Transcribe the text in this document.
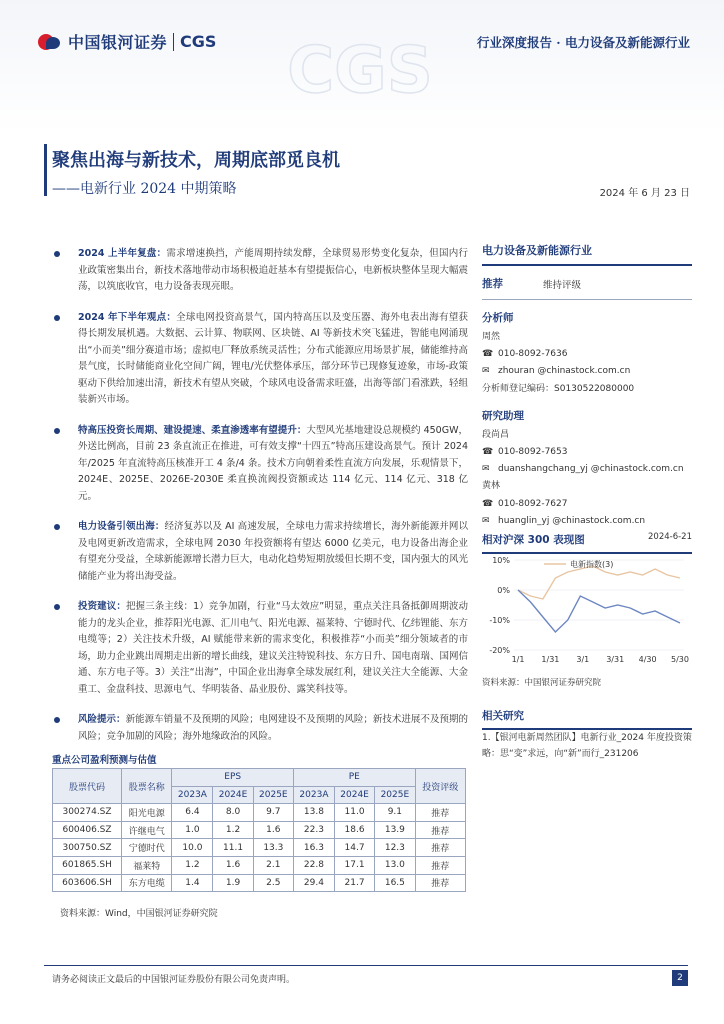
CGS
中国银河证券 CGS	行业深度报告 · 电力设备及新能源行业
聚焦出海与新技术，周期底部觅良机
——电新行业 2024 中期策略	2024 年 6 月 23 日
2024 上半年复盘：需求增速换挡，产能周期持续发酵，全球贸易形势变化复杂，但国内行业政策密集出台，新技术落地带动市场积极追赶基本有望提振信心，电新板块整体呈现大幅震荡，以筑底收官，电力设备表现亮眼。
2024 年下半年观点：全球电网投资高景气，国内特高压以及变压器、海外电表出海有望获得长期发展机遇。大数据、云计算、物联网、区块链、AI 等新技术突飞猛进，智能电网涌现出“小而美”细分赛道市场；虚拟电厂释放系统灵活性；分布式能源应用场景扩展，储能维持高景气度，长时储能商业化空间广阔，锂电/光伏整体承压，部分环节已现修复迹象，市场-政策驱动下供给加速出清，新技术有望从突破，个球风电设备需求旺盛，出海等部门看涨跌，轻组装新兴市场。
特高压投资长周期、建设提速、柔直渗透率有望提升：大型风光基地建设总规模约 450GW，外送比例高，目前 23 条直流正在推进，可有效支撑“十四五”特高压建设高景气。预计 2024 年/2025 年直流特高压核准开工 4 条/4 条。技术方向朝着柔性直流方向发展，乐观情景下，2024E、2025E、2026E-2030E 柔直换流阀投资额或达 114 亿元、114 亿元、318 亿元。
电力设备引领出海：经济复苏以及 AI 高速发展，全球电力需求持续增长，海外新能源并网以及电网更新改造需求，全球电网 2030 年投资额将有望达 6000 亿美元，电力设备出海企业有望充分受益，全球新能源增长潜力巨大，电动化趋势短期放缓但长期不变，国内强大的风光储能产业为将出海受益。
投资建议：把握三条主线：1）竞争加剧，行业“马太效应”明显，重点关注具备抵御周期波动能力的龙头企业，推荐阳光电源、汇川电气、阳光电源、福莱特、宁德时代、亿纬锂能、东方电缆等；2）关注技术升级，AI 赋能带来新的需求变化，积极推荐“小而美”细分领域者的市场，助力企业跳出周期走出新的增长曲线，建议关注特锐科技、东方日升、国电南瑞、国网信通、东方电子等。3）关注“出海”，中国企业出海拿全球发展红利，建议关注大全能源、大金重工、金盘科技、思源电气、华明装备、晶业股份、露笑科技等。
风险提示：新能源车销量不及预期的风险；电网建设不及预期的风险；新技术进展不及预期的风险；竞争加剧的风险；海外地缘政治的风险。
重点公司盈利预测与估值
股票代码	股票名称	EPS			PE			投资评级
		2023A	2024E	2025E	2023A	2024E	2025E	
300274.SZ	阳光电源	6.4	8.0	9.7	13.8	11.0	9.1	推荐
600406.SZ	许继电气	1.0	1.2	1.6	22.3	18.6	13.9	推荐
300750.SZ	宁德时代	10.0	11.1	13.3	16.3	14.7	12.3	推荐
601865.SH	福莱特	1.2	1.6	2.1	22.8	17.1	13.0	推荐
603606.SH	东方电缆	1.4	1.9	2.5	29.4	21.7	16.5	推荐
资料来源：Wind，中国银河证券研究院
电力设备及新能源行业
推荐	维持评级
分析师
周然
☎ 010-8092-7636
✉ zhouran @chinastock.com.cn
分析师登记编码：S0130522080000
研究助理
段尚昌
☎ 010-8092-7653
✉ duanshangchang_yj @chinastock.com.cn
黄林
☎ 010-8092-7627
✉ huanglin_yj @chinastock.com.cn
相对沪深 300 表现图	2024-6-21
10%
0%
-10%
-20%
1/1 1/31 3/1 3/31 4/30 5/30
电新指数(3)
资料来源：中国银河证券研究院
相关研究
1.【银河电新周然团队】电新行业_2024 年度投资策略：思“变”求远，向“新”而行_231206
请务必阅读正文最后的中国银河证券股份有限公司免责声明。	2
